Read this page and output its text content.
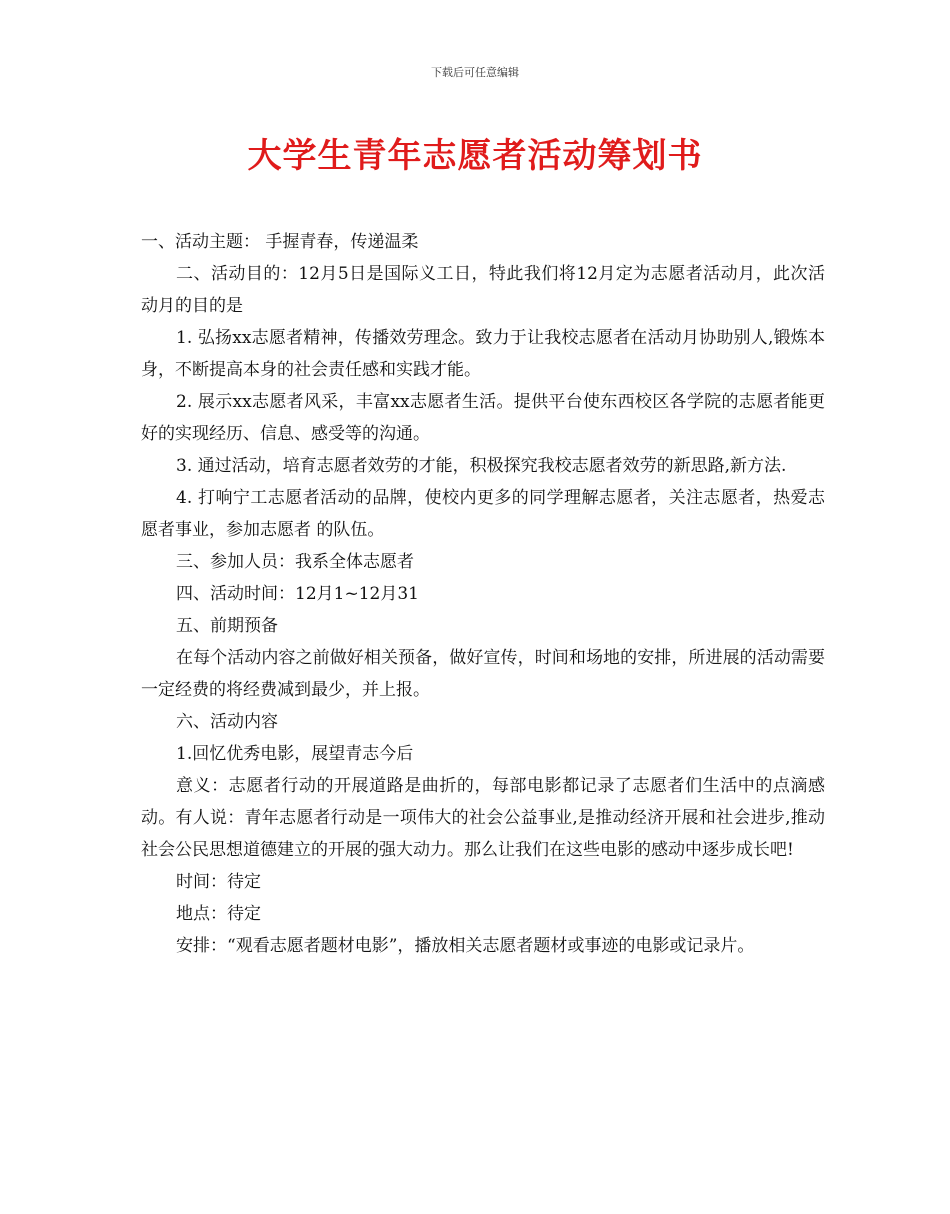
下载后可任意编辑
大学生青年志愿者活动筹划书

一、活动主题： 手握青春，传递温柔

二、活动目的：12月5日是国际义工日，特此我们将12月定为志愿者活动月，此次活动月的目的是

1. 弘扬xx志愿者精神，传播效劳理念。致力于让我校志愿者在活动月协助别人,锻炼本身，不断提高本身的社会责任感和实践才能。

2. 展示xx志愿者风采，丰富xx志愿者生活。提供平台使东西校区各学院的志愿者能更好的实现经历、信息、感受等的沟通。

3. 通过活动，培育志愿者效劳的才能，积极探究我校志愿者效劳的新思路,新方法.

4. 打响宁工志愿者活动的品牌，使校内更多的同学理解志愿者，关注志愿者，热爱志愿者事业，参加志愿者 的队伍。

三、参加人员：我系全体志愿者

四、活动时间：12月1~12月31

五、前期预备

在每个活动内容之前做好相关预备，做好宣传，时间和场地的安排，所进展的活动需要一定经费的将经费减到最少，并上报。

六、活动内容

1.回忆优秀电影，展望青志今后

意义：志愿者行动的开展道路是曲折的，每部电影都记录了志愿者们生活中的点滴感动。有人说：青年志愿者行动是一项伟大的社会公益事业,是推动经济开展和社会进步,推动社会公民思想道德建立的开展的强大动力。那么让我们在这些电影的感动中逐步成长吧!

时间：待定

地点：待定

安排：“观看志愿者题材电影”，播放相关志愿者题材或事迹的电影或记录片。
